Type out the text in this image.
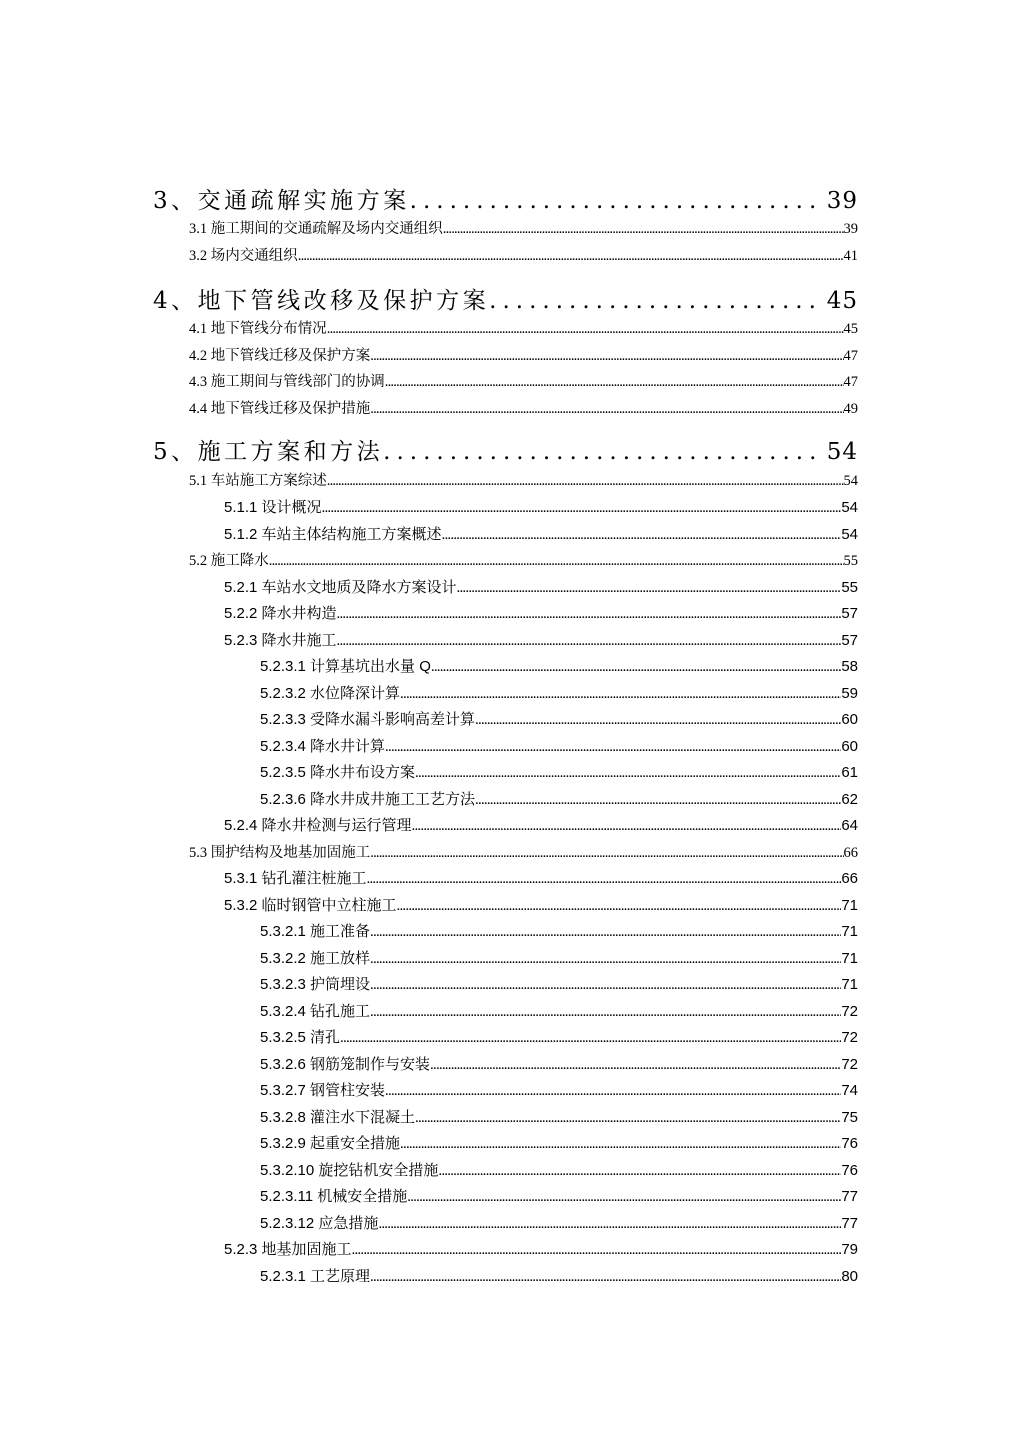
3、交通疏解实施方案 .....	39
3.1 施工期间的交通疏解及场内交通组织 .....	39
3.2 场内交通组织 .....	41
4、地下管线改移及保护方案 .....	45
4.1 地下管线分布情况 .....	45
4.2 地下管线迁移及保护方案 .....	47
4.3 施工期间与管线部门的协调 .....	47
4.4 地下管线迁移及保护措施 .....	49
5、施工方案和方法 .....	54
5.1 车站施工方案综述 .....	54
5.1.1 设计概况 .....	54
5.1.2 车站主体结构施工方案概述 .....	54
5.2 施工降水 .....	55
5.2.1 车站水文地质及降水方案设计 .....	55
5.2.2 降水井构造 .....	57
5.2.3 降水井施工 .....	57
5.2.3.1 计算基坑出水量 Q .....	58
5.2.3.2 水位降深计算 .....	59
5.2.3.3 受降水漏斗影响高差计算 .....	60
5.2.3.4 降水井计算 .....	60
5.2.3.5 降水井布设方案 .....	61
5.2.3.6 降水井成井施工工艺方法 .....	62
5.2.4 降水井检测与运行管理 .....	64
5.3 围护结构及地基加固施工 .....	66
5.3.1 钻孔灌注桩施工 .....	66
5.3.2 临时钢管中立柱施工 .....	71
5.3.2.1 施工准备 .....	71
5.3.2.2 施工放样 .....	71
5.3.2.3 护筒埋设 .....	71
5.3.2.4 钻孔施工 .....	72
5.3.2.5 清孔 .....	72
5.3.2.6 钢筋笼制作与安装 .....	72
5.3.2.7 钢管柱安装 .....	74
5.3.2.8 灌注水下混凝土 .....	75
5.3.2.9 起重安全措施 .....	76
5.3.2.10 旋挖钻机安全措施 .....	76
5.2.3.11 机械安全措施 .....	77
5.2.3.12 应急措施 .....	77
5.2.3 地基加固施工 .....	79
5.2.3.1 工艺原理 .....	80
